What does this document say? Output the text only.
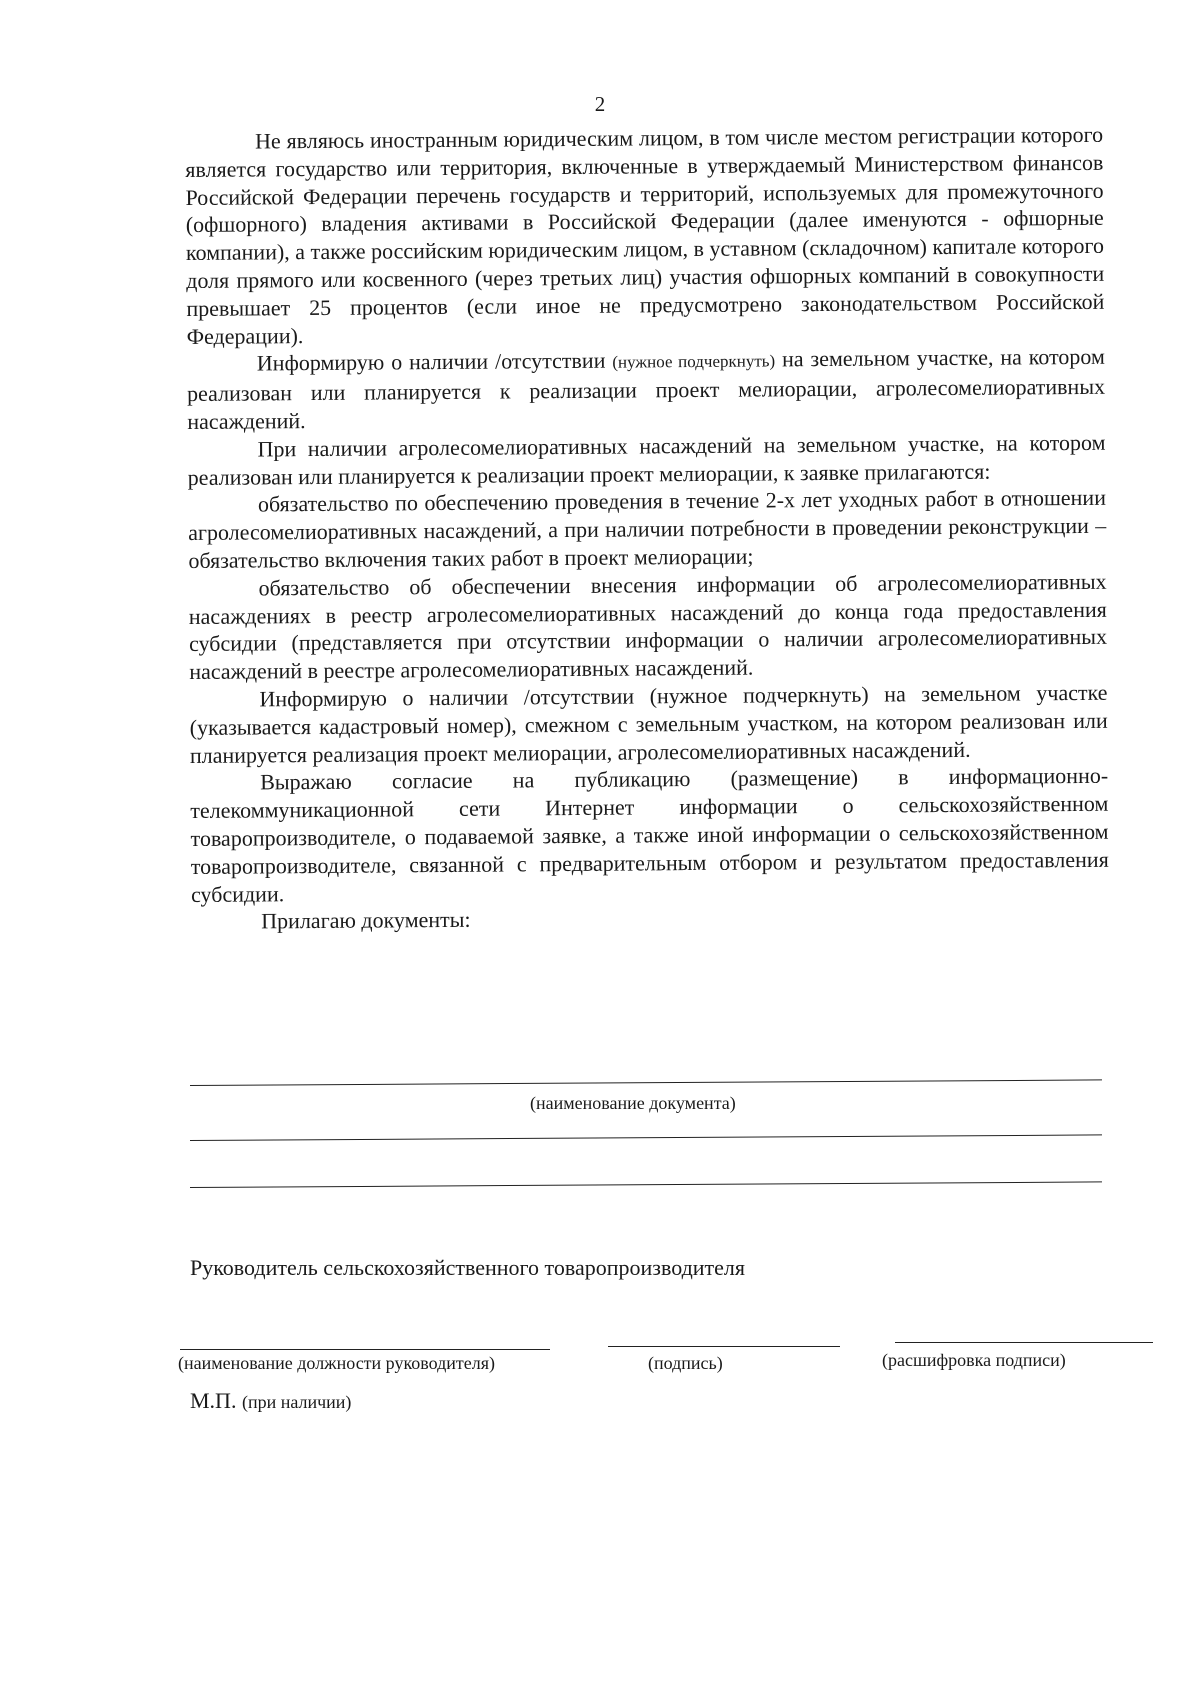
2

Не являюсь иностранным юридическим лицом, в том числе местом регистрации которого является государство или территория, включенные в утверждаемый Министерством финансов Российской Федерации перечень государств и территорий, используемых для промежуточного (офшорного) владения активами в Российской Федерации (далее именуются - офшорные компании), а также российским юридическим лицом, в уставном (складочном) капитале которого доля прямого или косвенного (через третьих лиц) участия офшорных компаний в совокупности превышает 25 процентов (если иное не предусмотрено законодательством Российской Федерации).

Информирую о наличии /отсутствии (нужное подчеркнуть) на земельном участке, на котором реализован или планируется к реализации проект мелиорации, агролесомелиоративных насаждений.

При наличии агролесомелиоративных насаждений на земельном участке, на котором реализован или планируется к реализации проект мелиорации, к заявке прилагаются:

обязательство по обеспечению проведения в течение 2-х лет уходных работ в отношении агролесомелиоративных насаждений, а при наличии потребности в проведении реконструкции – обязательство включения таких работ в проект мелиорации;

обязательство об обеспечении внесения информации об агролесомелиоративных насаждениях в реестр агролесомелиоративных насаждений до конца года предоставления субсидии (представляется при отсутствии информации о наличии агролесомелиоративных насаждений в реестре агролесомелиоративных насаждений.

Информирую о наличии /отсутствии (нужное подчеркнуть) на земельном участке (указывается кадастровый номер), смежном с земельным участком, на котором реализован или планируется реализация проект мелиорации, агролесомелиоративных насаждений.

Выражаю согласие на публикацию (размещение) в информационно-телекоммуникационной сети Интернет информации о сельскохозяйственном товаропроизводителе, о подаваемой заявке, а также иной информации о сельскохозяйственном товаропроизводителе, связанной с предварительным отбором и результатом предоставления субсидии.

Прилагаю документы:

(наименование документа)
Руководитель сельскохозяйственного товаропроизводителя
(наименование должности руководителя)	(подпись)	(расшифровка подписи)
М.П. (при наличии)
